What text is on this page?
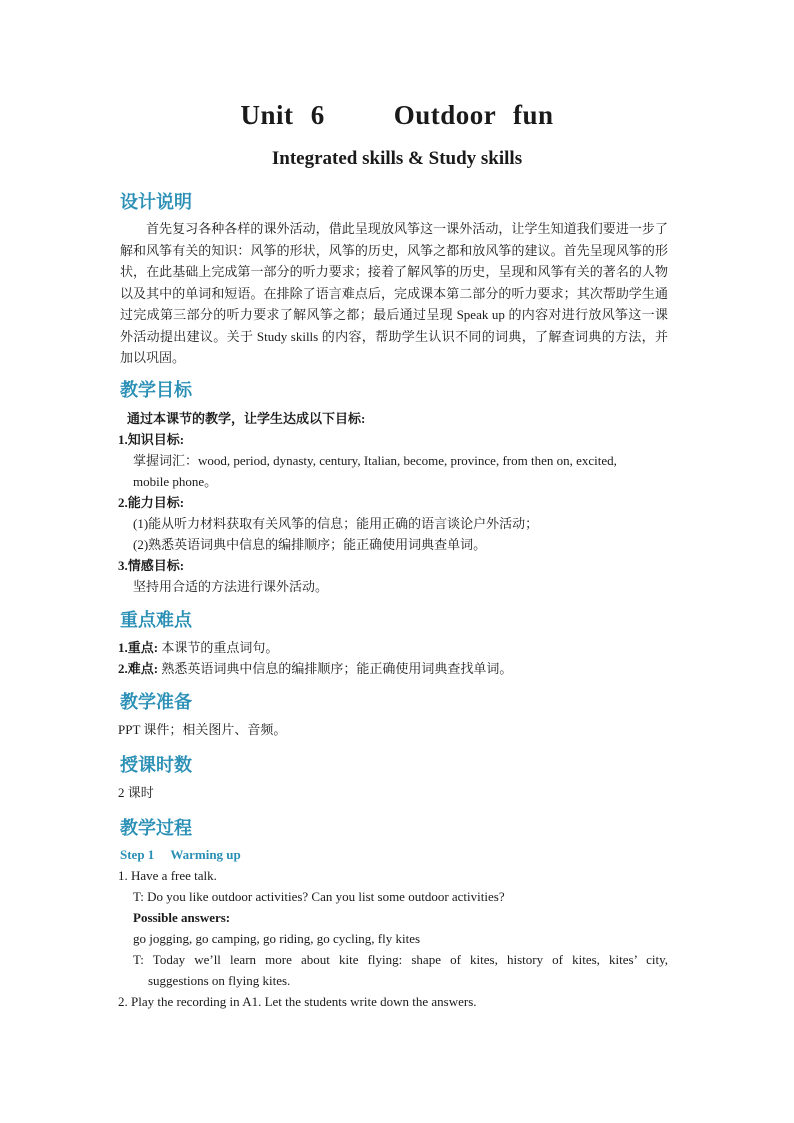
Unit 6    Outdoor fun
Integrated skills & Study skills
设计说明
首先复习各种各样的课外活动，借此呈现放风筝这一课外活动，让学生知道我们要进一步了解和风筝有关的知识：风筝的形状，风筝的历史，风筝之都和放风筝的建议。首先呈现风筝的形状，在此基础上完成第一部分的听力要求；接着了解风筝的历史，呈现和风筝有关的著名的人物以及其中的单词和短语。在排除了语言难点后，完成课本第二部分的听力要求；其次帮助学生通过完成第三部分的听力要求了解风筝之都；最后通过呈现 Speak up 的内容对进行放风筝这一课外活动提出建议。关于 Study skills 的内容，帮助学生认识不同的词典，了解查词典的方法，并加以巩固。
教学目标
通过本课节的教学，让学生达成以下目标:
1.知识目标:
掌握词汇：wood, period, dynasty, century, Italian, become, province, from then on, excited,
mobile phone。
2.能力目标:
(1)能从听力材料获取有关风筝的信息；能用正确的语言谈论户外活动；
(2)熟悉英语词典中信息的编排顺序；能正确使用词典查单词。
3.情感目标:
坚持用合适的方法进行课外活动。
重点难点
1.重点: 本课节的重点词句。
2.难点: 熟悉英语词典中信息的编排顺序；能正确使用词典查找单词。
教学准备
PPT 课件；相关图片、音频。
授课时数
2 课时
教学过程
Step 1     Warming up
1. Have a free talk.
T: Do you like outdoor activities? Can you list some outdoor activities?
Possible answers:
go jogging, go camping, go riding, go cycling, fly kites
T: Today we’ll learn more about kite flying: shape of kites, history of kites, kites’ city,
suggestions on flying kites.
2. Play the recording in A1. Let the students write down the answers.
